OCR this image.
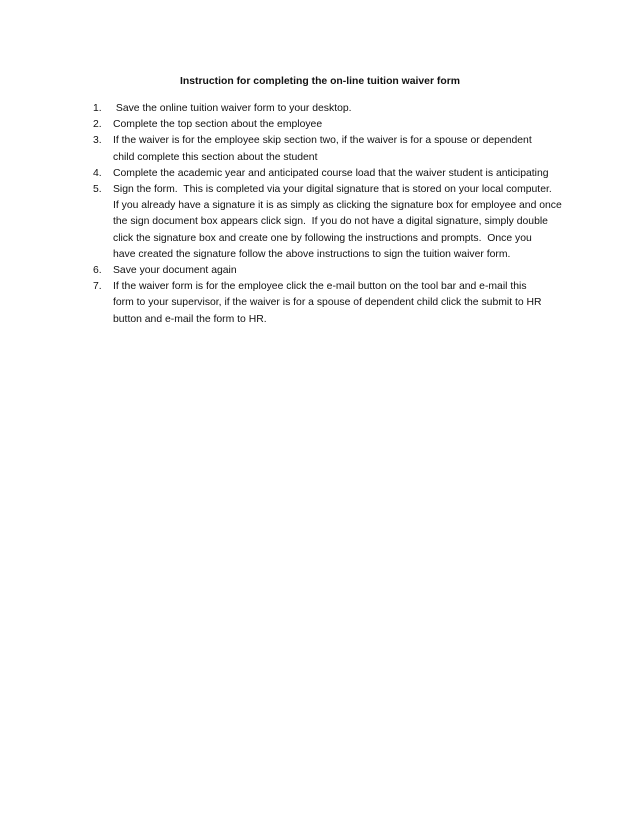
Instruction for completing the on-line tuition waiver form
1. Save the online tuition waiver form to your desktop.
2. Complete the top section about the employee
3. If the waiver is for the employee skip section two, if the waiver is for a spouse or dependent
child complete this section about the student
4. Complete the academic year and anticipated course load that the waiver student is anticipating
5. Sign the form.  This is completed via your digital signature that is stored on your local computer.
If you already have a signature it is as simply as clicking the signature box for employee and once
the sign document box appears click sign.  If you do not have a digital signature, simply double
click the signature box and create one by following the instructions and prompts.  Once you
have created the signature follow the above instructions to sign the tuition waiver form.
6. Save your document again
7. If the waiver form is for the employee click the e-mail button on the tool bar and e-mail this
form to your supervisor, if the waiver is for a spouse of dependent child click the submit to HR
button and e-mail the form to HR.
